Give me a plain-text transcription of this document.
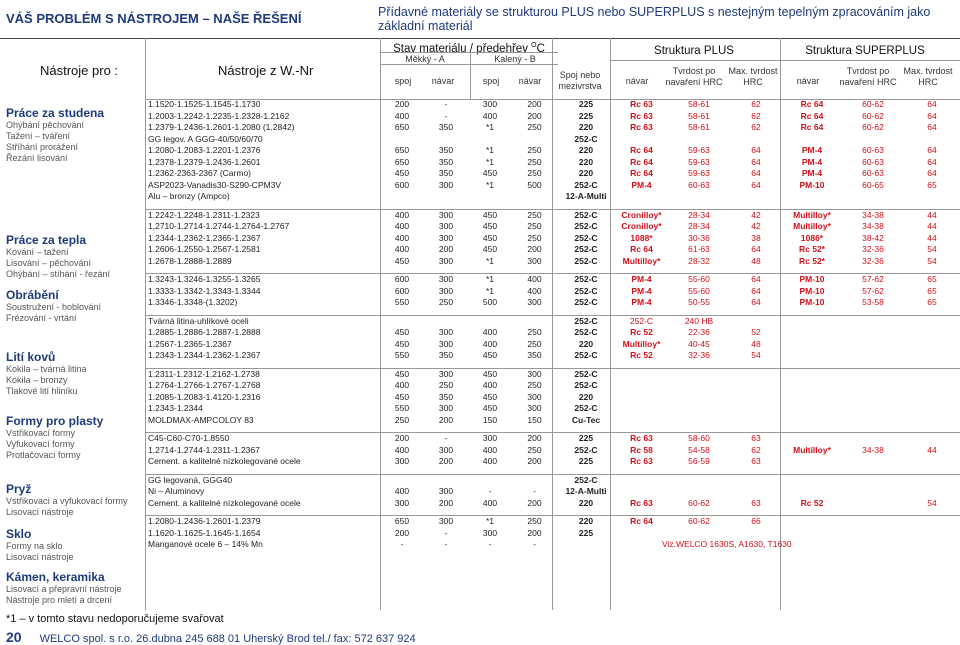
VÁŠ PROBLÉM S NÁSTROJEM – NAŠE ŘEŠENÍ
Nástroje pro :	Nástroje z W.-Nr
Práce za studena
Ohýbání pěchování
Tažení – tváření
Stříhání prorážení
Řezání lisování
Práce za tepla
Kování – tažení
Lisování – pěchování
Ohýbání – stíhání - řezání
Obrábění
Soustružení - hoblování
Frézování - vrtání
Lití kovů
Kokila – tvárná litina
Kokila – bronzy
Tlakové lití hliníku
Formy pro plasty
Vstřikovací formy
Vyfukovací formy
Protlačovací formy
Pryž
Vstřikovací a vyfukovací formy
Lisovací nástroje
Sklo
Formy na sklo
Lisovací nástroje
Kámen, keramika
Lisovací a přepravní nástroje
Nástroje pro mletí a drcení
Přídavné materiály se strukturou PLUS nebo SUPERPLUS s nestejným tepelným zpracováním jako základní materiál
Stav materiálu / předehřev $^O$C
Měkký - A	Kalený - B
spoj	návar	spoj	návar
Spoj nebo mezivrstva
Struktura PLUS	Struktura SUPERPLUS
návar
Tvrdost po navaření HRC
Max. tvrdost HRC	návar
Tvrdost po navaření HRC
Max. tvrdost HRC
1.1520-1.1525-1.1545-1.1730	200	-	300	200	225	Rc 63	58-61	62	Rc 64	60-62	64
1.2003-1.2242-1.2235-1.2328-1.2162	400	-	400	200	225	Rc 63	58-61	62	Rc 64	60-62	64
1.2379-1.2436-1.2601-1.2080 (1.2842)	650	350	*1	250	220	Rc 63	58-61	62	Rc 64	60-62	64
GG legov. A GGG-40/50/60/70					252-C						
1.2080-1.2083-1.2201-1.2376	650	350	*1	250	220	Rc 64	59-63	64	PM-4	60-63	64
1.2378-1.2379-1.2436-1.2601	650	350	*1	250	220	Rc 64	59-63	64	PM-4	60-63	64
1.2362-2363-2367 (Carmo)	450	350	450	250	220	Rc 64	59-63	64	PM-4	60-63	64
ASP2023-Vanadis30-S290-CPM3V	600	300	*1	500	252-C	PM-4	60-63	64	PM-10	60-65	65
Alu – bronzy (Ampco)					12-A-Multi						

1.2242-1.2248-1.2311-1.2323	400	300	450	250	252-C	Cronilloy*	28-34	42	Multilloy*	34-38	44
1,2710-1.2714-1.2744-1.2764-1.2767	400	300	450	250	252-C	Cronilloy*	28-34	42	Multilloy*	34-38	44
1.2344-1.2362-1.2365-1.2367	400	300	450	250	252-C	1088*	30-36	38	1086*	38-42	44
1.2606-1.2550-1.2567-1.2581	400	200	450	200	252-C	Rc 64	61-63	64	Rc 52*	32-36	54
1.2678-1.2888-1.2889	450	300	*1	300	252-C	Multilloy*	28-32	48	Rc 52*	32-36	54

1.3243-1.3246-1.3255-1.3265	600	300	*1	400	252-C	PM-4	55-60	64	PM-10	57-62	65
1.3333-1.3342-1.3343-1.3344	600	300	*1	400	252-C	PM-4	55-60	64	PM-10	57-62	65
1.3346-1.3348-(1.3202)	550	250	500	300	252-C	PM-4	50-55	64	PM-10	53-58	65

Tvárná litina-uhlíkové oceli					252-C	252-C	240 HB				
1.2885-1.2886-1.2887-1.2888	450	300	400	250	252-C	Rc 52	22-36	52			
1.2567-1.2365-1.2367	450	300	400	250	220	Multilloy*	40-45	48			
1.2343-1.2344-1.2362-1.2367	550	350	450	350	252-C	Rc 52	32-36	54			

1.2311-1.2312-1.2162-1.2738	450	300	450	300	252-C						
1.2764-1.2766-1.2767-1.2768	400	250	400	250	252-C						
1.2085-1.2083-1.4120-1.2316	450	350	450	300	220						
1.2343-1.2344	550	300	450	300	252-C						
MOLDMAX-AMPCOLOY 83	250	200	150	150	Cu-Tec						

C45-C60-C70-1.8550	200	-	300	200	225	Rc 63	58-60	63			
1.2714-1.2744-1.2311-1.2367	400	300	400	250	252-C	Rc 58	54-58	62	Multilloy*	34-38	44
Cement. a kalitelné nízkolegované ocele	300	200	400	200	225	Rc 63	56-59	63			

GG legovaná, GGG40					252-C						
Ni – Aluminovy	400	300	-	-	12-A-Multi						
Cement. a kalitelné nízkolegované ocele	300	200	400	200	220	Rc 63	60-62	63	Rc 52		54

1.2080-1.2436-1.2601-1.2379	650	300	*1	250	220	Rc 64	60-62	66			
1.1620-1.1625-1.1645-1.1654	200	-	300	200	225						
Manganové ocele 6 – 14% Mn	-	-	-	-			Viz.WELCO 1630S, A1630, T1630				
*1 – v tomto stavu nedoporučujeme svařovat
20 WELCO spol. s r.o. 26.dubna 245 688 01 Uherský Brod tel./ fax: 572 637 924
